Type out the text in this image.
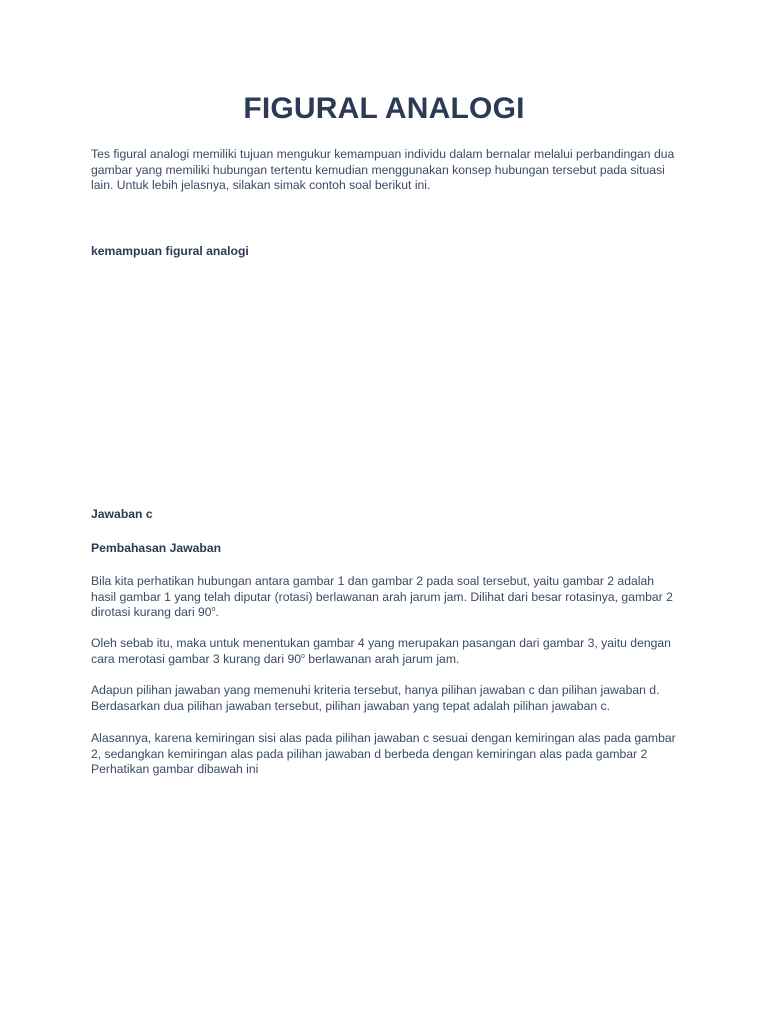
FIGURAL ANALOGI

Tes figural analogi memiliki tujuan mengukur kemampuan individu dalam bernalar melalui perbandingan dua gambar yang memiliki hubungan tertentu kemudian menggunakan konsep hubungan tersebut pada situasi lain. Untuk lebih jelasnya, silakan simak contoh soal berikut ini.

kemampuan figural analogi

Jawaban c

Pembahasan Jawaban

Bila kita perhatikan hubungan antara gambar 1 dan gambar 2 pada soal tersebut, yaitu gambar 2 adalah hasil gambar 1 yang telah diputar (rotasi) berlawanan arah jarum jam. Dilihat dari besar rotasinya, gambar 2 dirotasi kurang dari 90$^o$.

Oleh sebab itu, maka untuk menentukan gambar 4 yang merupakan pasangan dari gambar 3, yaitu dengan cara merotasi gambar 3 kurang dari 90$^o$ berlawanan arah jarum jam.

Adapun pilihan jawaban yang memenuhi kriteria tersebut, hanya pilihan jawaban c dan pilihan jawaban d. Berdasarkan dua pilihan jawaban tersebut, pilihan jawaban yang tepat adalah pilihan jawaban c.

Alasannya, karena kemiringan sisi alas pada pilihan jawaban c sesuai dengan kemiringan alas pada gambar 2, sedangkan kemiringan alas pada pilihan jawaban d berbeda dengan kemiringan alas pada gambar 2 Perhatikan gambar dibawah ini
